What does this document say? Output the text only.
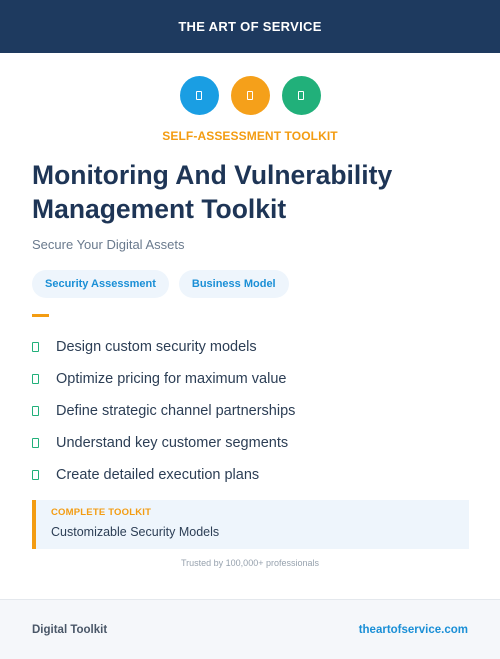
THE ART OF SERVICE
SELF-ASSESSMENT TOOLKIT
Monitoring And Vulnerability Management Toolkit
Secure Your Digital Assets
Security Assessment	Business Model
Design custom security models
Optimize pricing for maximum value
Define strategic channel partnerships
Understand key customer segments
Create detailed execution plans
COMPLETE TOOLKIT
Customizable Security Models
Trusted by 100,000+ professionals
Digital Toolkit	theartofservice.com
